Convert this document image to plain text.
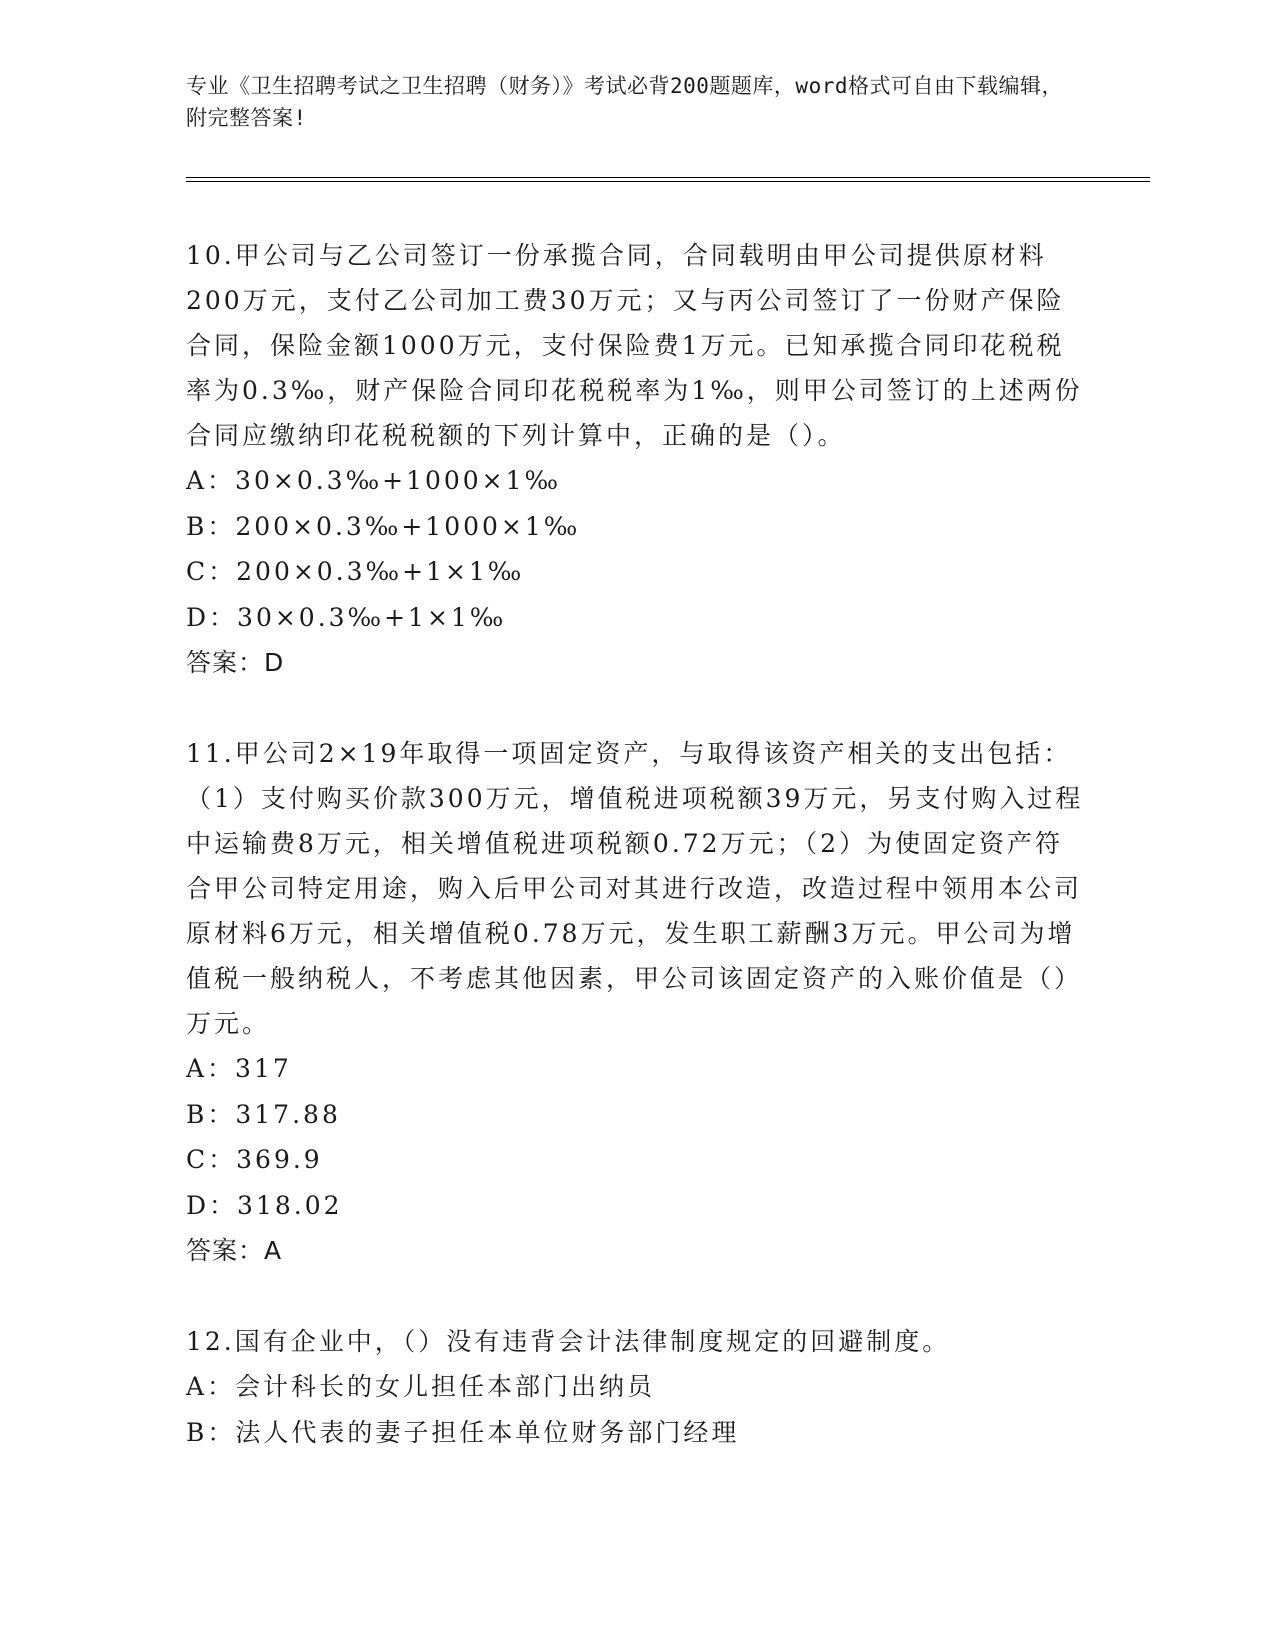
专业《卫生招聘考试之卫生招聘（财务）》考试必背200题题库，word格式可自由下载编辑，附完整答案!

10.甲公司与乙公司签订一份承揽合同，合同载明由甲公司提供原材料200万元，支付乙公司加工费30万元；又与丙公司签订了一份财产保险合同，保险金额1000万元，支付保险费1万元。已知承揽合同印花税税率为0.3‰，财产保险合同印花税税率为1‰，则甲公司签订的上述两份合同应缴纳印花税税额的下列计算中，正确的是（）。

A：30×0.3‰+1000×1‰

B：200×0.3‰+1000×1‰

C：200×0.3‰+1×1‰

D：30×0.3‰+1×1‰

答案：D

11.甲公司2×19年取得一项固定资产，与取得该资产相关的支出包括：（1）支付购买价款300万元，增值税进项税额39万元，另支付购入过程中运输费8万元，相关增值税进项税额0.72万元；（2）为使固定资产符合甲公司特定用途，购入后甲公司对其进行改造，改造过程中领用本公司原材料6万元，相关增值税0.78万元，发生职工薪酬3万元。甲公司为增值税一般纳税人，不考虑其他因素，甲公司该固定资产的入账价值是（）万元。

A：317

B：317.88

C：369.9

D：318.02

答案：A

12.国有企业中，（）没有违背会计法律制度规定的回避制度。

A：会计科长的女儿担任本部门出纳员

B：法人代表的妻子担任本单位财务部门经理
